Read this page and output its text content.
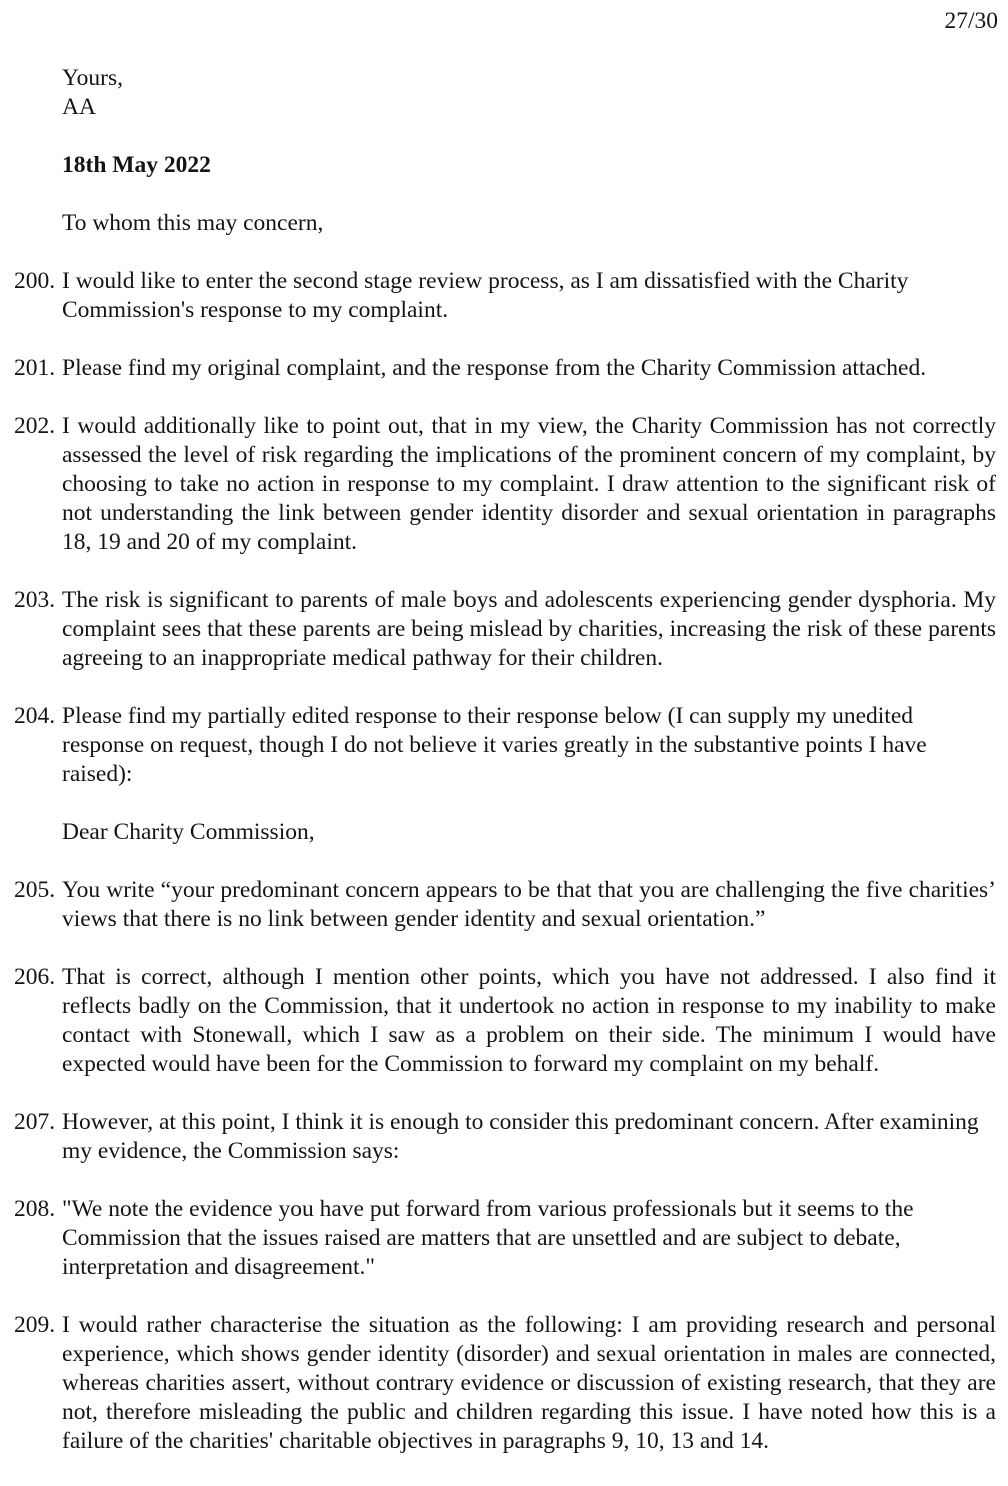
27/30
Yours,
AA
18th May 2022
To whom this may concern,
200. I would like to enter the second stage review process, as I am dissatisfied with the Charity Commission's response to my complaint.
201. Please find my original complaint, and the response from the Charity Commission attached.
202. I would additionally like to point out, that in my view, the Charity Commission has not correctly assessed the level of risk regarding the implications of the prominent concern of my complaint, by choosing to take no action in response to my complaint. I draw attention to the significant risk of not understanding the link between gender identity disorder and sexual orientation in paragraphs 18, 19 and 20 of my complaint.
203. The risk is significant to parents of male boys and adolescents experiencing gender dysphoria. My complaint sees that these parents are being mislead by charities, increasing the risk of these parents agreeing to an inappropriate medical pathway for their children.
204. Please find my partially edited response to their response below (I can supply my unedited response on request, though I do not believe it varies greatly in the substantive points I have raised):
Dear Charity Commission,
205. You write “your predominant concern appears to be that that you are challenging the five charities’ views that there is no link between gender identity and sexual orientation.”
206. That is correct, although I mention other points, which you have not addressed. I also find it reflects badly on the Commission, that it undertook no action in response to my inability to make contact with Stonewall, which I saw as a problem on their side. The minimum I would have expected would have been for the Commission to forward my complaint on my behalf.
207. However, at this point, I think it is enough to consider this predominant concern. After examining my evidence, the Commission says:
208. "We note the evidence you have put forward from various professionals but it seems to the Commission that the issues raised are matters that are unsettled and are subject to debate, interpretation and disagreement."
209. I would rather characterise the situation as the following: I am providing research and personal experience, which shows gender identity (disorder) and sexual orientation in males are connected, whereas charities assert, without contrary evidence or discussion of existing research, that they are not, therefore misleading the public and children regarding this issue. I have noted how this is a failure of the charities' charitable objectives in paragraphs 9, 10, 13 and 14.
